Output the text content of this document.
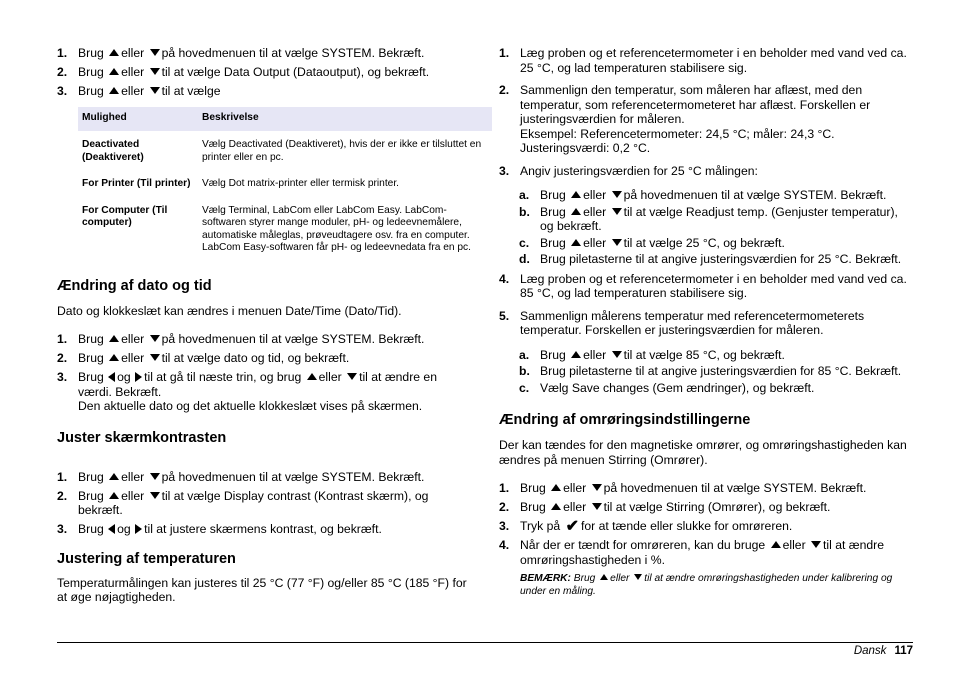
1. Brug eller på hovedmenuen til at vælge SYSTEM. Bekræft.
2. Brug eller til at vælge Data Output (Dataoutput), og bekræft.
3. Brug eller til at vælge
Mulighed	Beskrivelse
Deactivated (Deaktiveret)	Vælg Deactivated (Deaktiveret), hvis der er ikke er tilsluttet en printer eller en pc.
For Printer (Til printer)	Vælg Dot matrix-printer eller termisk printer.
For Computer (Til computer)	Vælg Terminal, LabCom eller LabCom Easy. LabCom-softwaren styrer mange moduler, pH- og ledeevnemålere, automatiske måleglas, prøveudtagere osv. fra en computer. LabCom Easy-softwaren får pH- og ledeevnedata fra en pc.
Ændring af dato og tid

Dato og klokkeslæt kan ændres i menuen Date/Time (Dato/Tid).

1. Brug eller på hovedmenuen til at vælge SYSTEM. Bekræft.
2. Brug eller til at vælge dato og tid, og bekræft.
3. Brug og til at gå til næste trin, og brug eller til at ændre en værdi. Bekræft.
Den aktuelle dato og det aktuelle klokkeslæt vises på skærmen.
Juster skærmkontrasten
1. Brug eller på hovedmenuen til at vælge SYSTEM. Bekræft.
2. Brug eller til at vælge Display contrast (Kontrast skærm), og bekræft.
3. Brug og til at justere skærmens kontrast, og bekræft.
Justering af temperaturen

Temperaturmålingen kan justeres til 25 °C (77 °F) og/eller 85 °C (185 °F) for at øge nøjagtigheden.

1. Læg proben og et referencetermometer i en beholder med vand ved ca. 25 °C, og lad temperaturen stabilisere sig.
2. Sammenlign den temperatur, som måleren har aflæst, med den temperatur, som referencetermometeret har aflæst. Forskellen er justeringsværdien for måleren.
Eksempel: Referencetermometer: 24,5 °C; måler: 24,3 °C. Justeringsværdi: 0,2 °C.
3. Angiv justeringsværdien for 25 °C målingen:
a. Brug eller på hovedmenuen til at vælge SYSTEM. Bekræft.
b. Brug eller til at vælge Readjust temp. (Genjuster temperatur), og bekræft.
c. Brug eller til at vælge 25 °C, og bekræft.
d. Brug piletasterne til at angive justeringsværdien for 25 °C. Bekræft.
4. Læg proben og et referencetermometer i en beholder med vand ved ca. 85 °C, og lad temperaturen stabilisere sig.
5. Sammenlign målerens temperatur med referencetermometerets temperatur. Forskellen er justeringsværdien for måleren.
a. Brug eller til at vælge 85 °C, og bekræft.
b. Brug piletasterne til at angive justeringsværdien for 85 °C. Bekræft.
c. Vælg Save changes (Gem ændringer), og bekræft.
Ændring af omrøringsindstillingerne

Der kan tændes for den magnetiske omrører, og omrøringshastigheden kan ændres på menuen Stirring (Omrører).

1. Brug eller på hovedmenuen til at vælge SYSTEM. Bekræft.
2. Brug eller til at vælge Stirring (Omrører), og bekræft.
3. Tryk på ✔ for at tænde eller slukke for omrøreren.
4. Når der er tændt for omrøreren, kan du bruge eller til at ændre omrøringshastigheden i %.

BEMÆRK: Brug eller til at ændre omrøringshastigheden under kalibrering og under en måling.

Dansk 117
